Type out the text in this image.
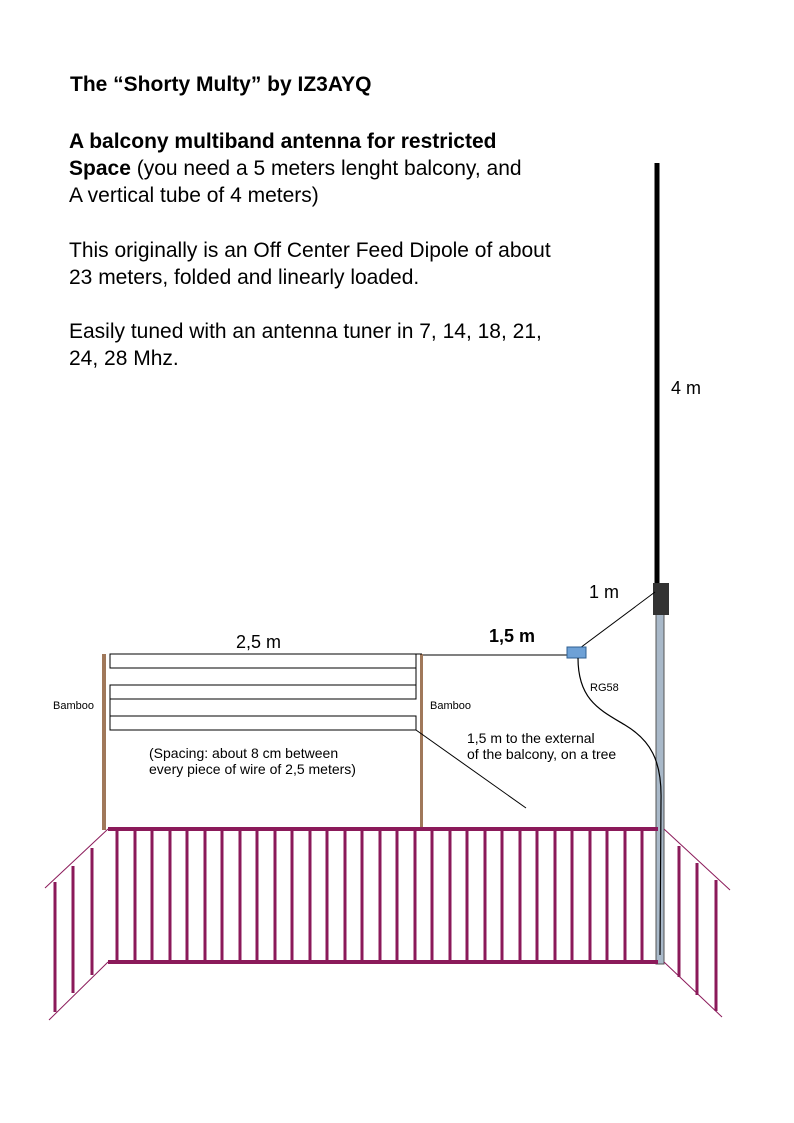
The “Shorty Multy” by IZ3AYQ
A balcony multiband antenna for restricted
Space (you need a 5 meters lenght balcony, and
A vertical tube of 4 meters)
This originally is an Off Center Feed Dipole of about
23 meters, folded and linearly loaded.
Easily tuned with an antenna tuner in 7, 14, 18, 21,
24, 28 Mhz.
4 m
1 m
2,5 m	1,5 m
RG58
Bamboo	Bamboo
(Spacing: about 8 cm between
every piece of wire of 2,5 meters)
1,5 m to the external
of the balcony, on a tree
